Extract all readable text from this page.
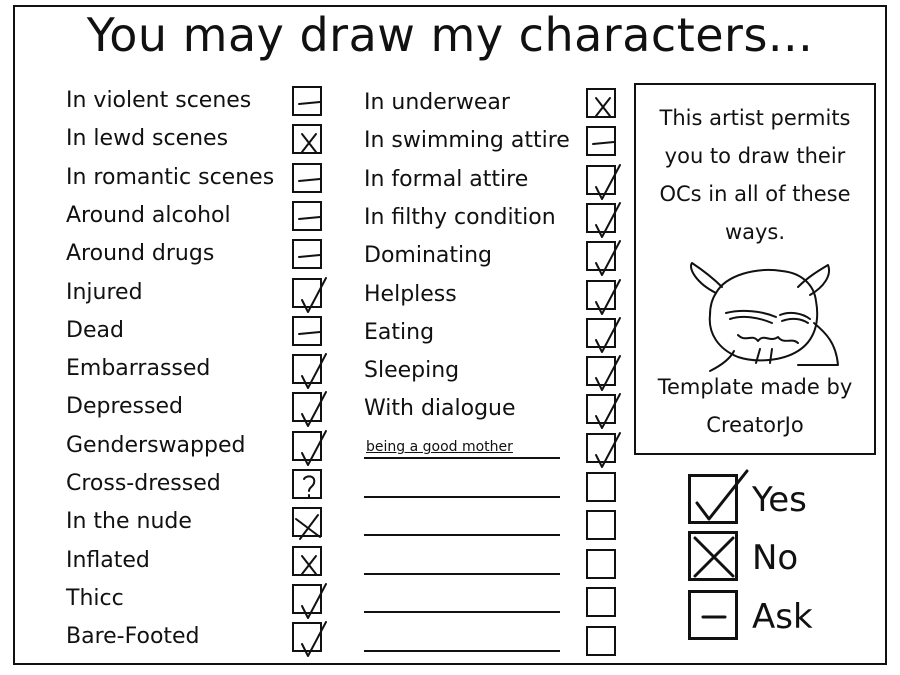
You may draw my characters...
In violent scenes
In lewd scenes
In romantic scenes
Around alcohol
Around drugs
Injured
Dead
Embarrassed
Depressed
Genderswapped
Cross-dressed
In the nude
Inflated
Thicc
Bare-Footed
In underwear
In swimming attire
In formal attire
In filthy condition
Dominating
Helpless
Eating
Sleeping
With dialogue
being a good mother
This artist permits
you to draw their
OCs in all of these
ways.
Template made by
CreatorJo
Yes
No
Ask
